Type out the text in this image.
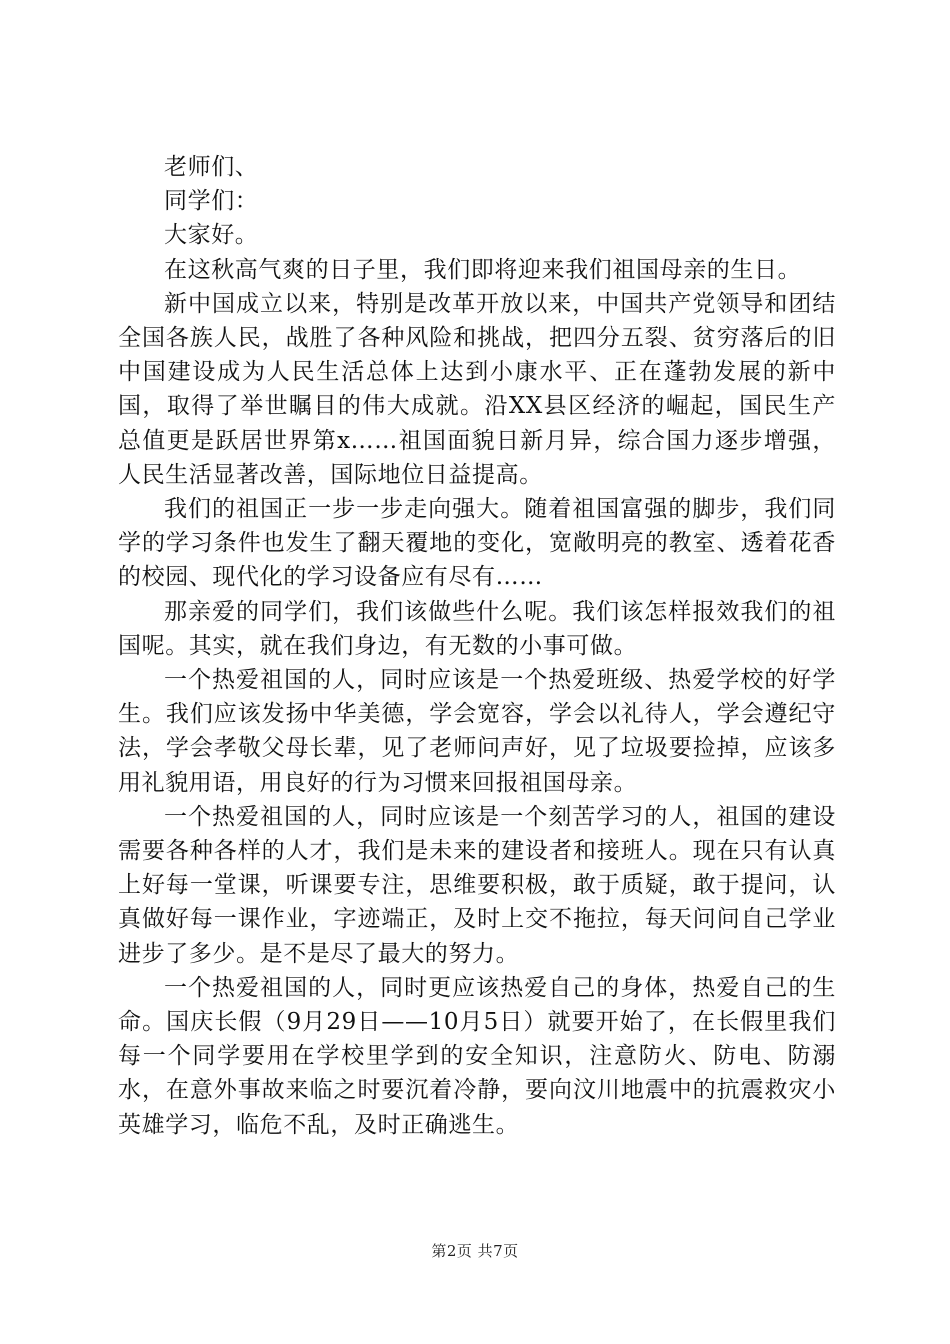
老师们、

同学们：

大家好。

在这秋高气爽的日子里，我们即将迎来我们祖国母亲的生日。

新中国成立以来，特别是改革开放以来，中国共产党领导和团结全国各族人民，战胜了各种风险和挑战，把四分五裂、贫穷落后的旧中国建设成为人民生活总体上达到小康水平、正在蓬勃发展的新中国，取得了举世瞩目的伟大成就。沿XX县区经济的崛起，国民生产总值更是跃居世界第x……祖国面貌日新月异，综合国力逐步增强，人民生活显著改善，国际地位日益提高。

我们的祖国正一步一步走向强大。随着祖国富强的脚步，我们同学的学习条件也发生了翻天覆地的变化，宽敞明亮的教室、透着花香的校园、现代化的学习设备应有尽有……

那亲爱的同学们，我们该做些什么呢。我们该怎样报效我们的祖国呢。其实，就在我们身边，有无数的小事可做。

一个热爱祖国的人，同时应该是一个热爱班级、热爱学校的好学生。我们应该发扬中华美德，学会宽容，学会以礼待人，学会遵纪守法，学会孝敬父母长辈，见了老师问声好，见了垃圾要捡掉，应该多用礼貌用语，用良好的行为习惯来回报祖国母亲。

一个热爱祖国的人，同时应该是一个刻苦学习的人，祖国的建设需要各种各样的人才，我们是未来的建设者和接班人。现在只有认真上好每一堂课，听课要专注，思维要积极，敢于质疑，敢于提问，认真做好每一课作业，字迹端正，及时上交不拖拉，每天问问自己学业进步了多少。是不是尽了最大的努力。

一个热爱祖国的人，同时更应该热爱自己的身体，热爱自己的生命。国庆长假（9月29日——10月5日）就要开始了，在长假里我们每一个同学要用在学校里学到的安全知识，注意防火、防电、防溺水，在意外事故来临之时要沉着冷静，要向汶川地震中的抗震救灾小英雄学习，临危不乱，及时正确逃生。

第2页 共7页
